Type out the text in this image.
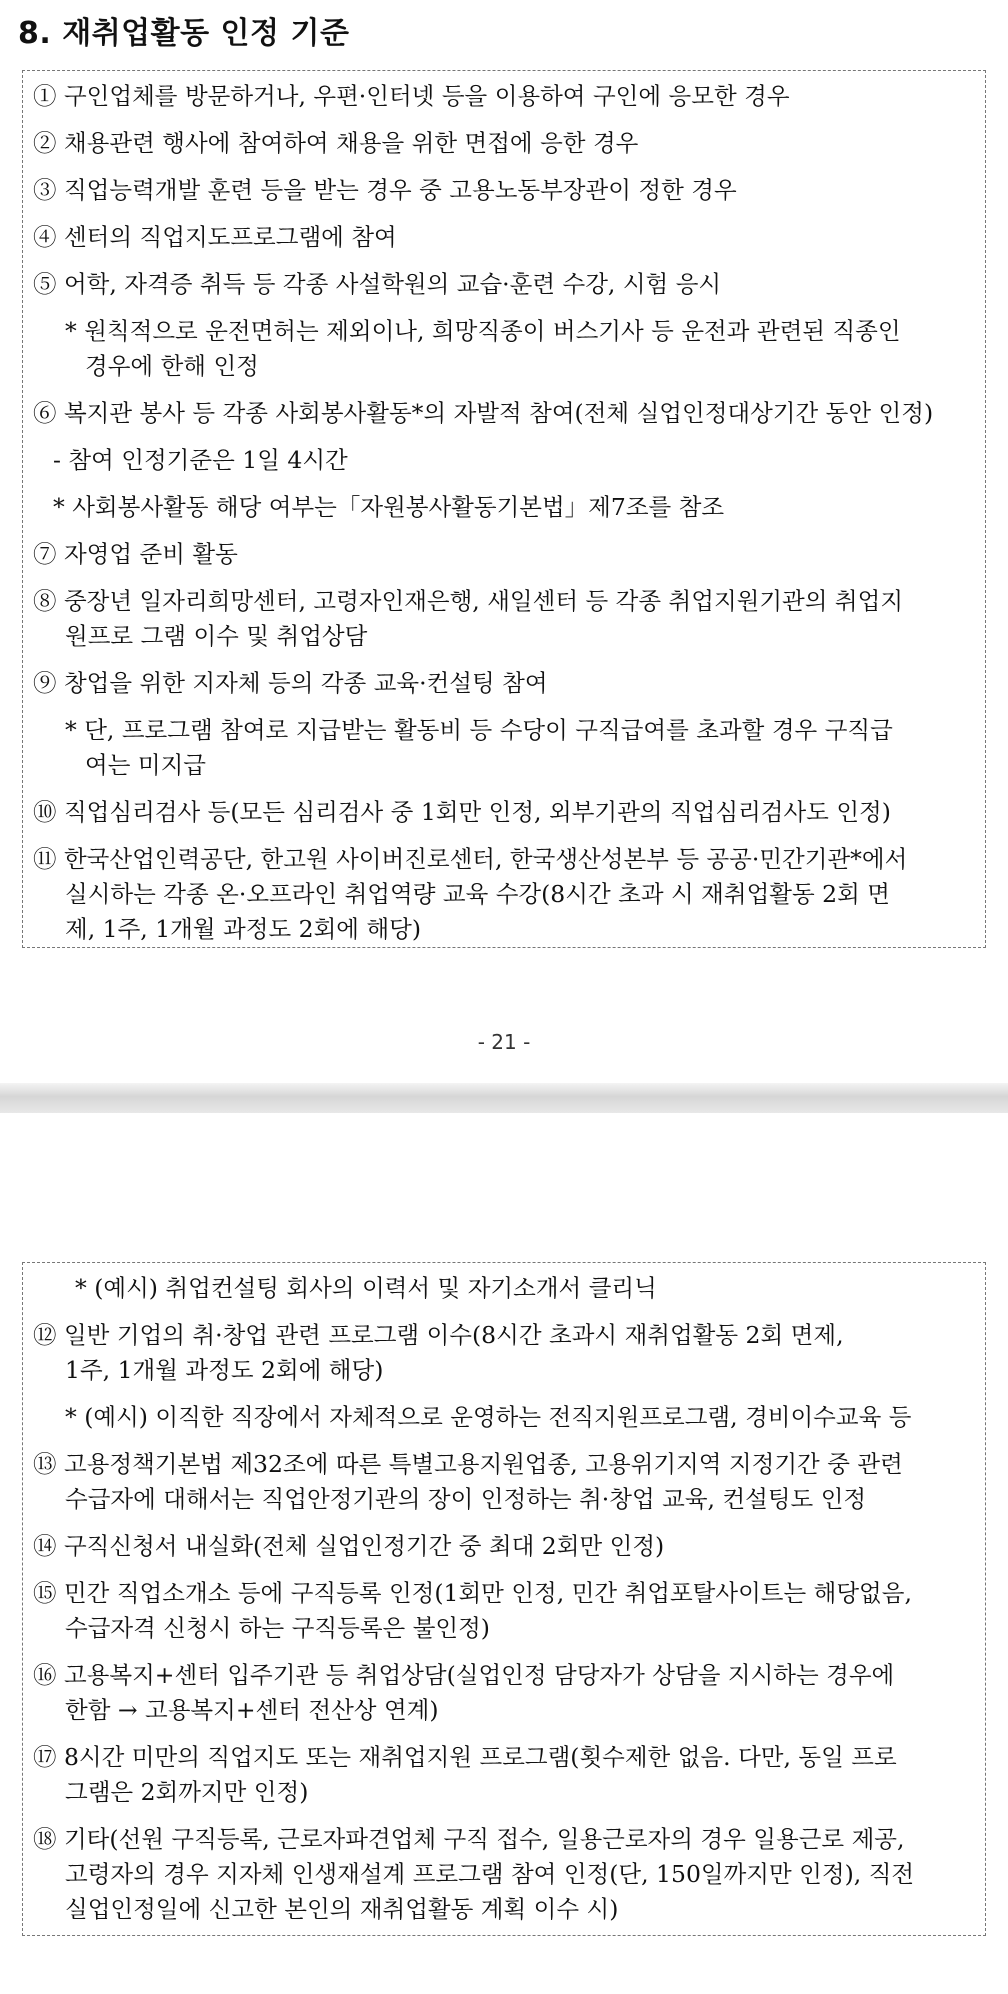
8. 재취업활동 인정 기준
① 구인업체를 방문하거나, 우편·인터넷 등을 이용하여 구인에 응모한 경우
② 채용관련 행사에 참여하여 채용을 위한 면접에 응한 경우
③ 직업능력개발 훈련 등을 받는 경우 중 고용노동부장관이 정한 경우
④ 센터의 직업지도프로그램에 참여
⑤ 어학, 자격증 취득 등 각종 사설학원의 교습·훈련 수강, 시험 응시
* 원칙적으로 운전면허는 제외이나, 희망직종이 버스기사 등 운전과 관련된 직종인
경우에 한해 인정
⑥ 복지관 봉사 등 각종 사회봉사활동*의 자발적 참여(전체 실업인정대상기간 동안 인정)
- 참여 인정기준은 1일 4시간
* 사회봉사활동 해당 여부는「자원봉사활동기본법」제7조를 참조
⑦ 자영업 준비 활동
⑧ 중장년 일자리희망센터, 고령자인재은행, 새일센터 등 각종 취업지원기관의 취업지
원프로 그램 이수 및 취업상담
⑨ 창업을 위한 지자체 등의 각종 교육·컨설팅 참여
* 단, 프로그램 참여로 지급받는 활동비 등 수당이 구직급여를 초과할 경우 구직급
여는 미지급
⑩ 직업심리검사 등(모든 심리검사 중 1회만 인정, 외부기관의 직업심리검사도 인정)
⑪ 한국산업인력공단, 한고원 사이버진로센터, 한국생산성본부 등 공공·민간기관*에서
실시하는 각종 온·오프라인 취업역량 교육 수강(8시간 초과 시 재취업활동 2회 면
제, 1주, 1개월 과정도 2회에 해당)
- 21 -
* (예시) 취업컨설팅 회사의 이력서 및 자기소개서 클리닉
⑫ 일반 기업의 취·창업 관련 프로그램 이수(8시간 초과시 재취업활동 2회 면제,
1주, 1개월 과정도 2회에 해당)
* (예시) 이직한 직장에서 자체적으로 운영하는 전직지원프로그램, 경비이수교육 등
⑬ 고용정책기본법 제32조에 따른 특별고용지원업종, 고용위기지역 지정기간 중 관련
수급자에 대해서는 직업안정기관의 장이 인정하는 취·창업 교육, 컨설팅도 인정
⑭ 구직신청서 내실화(전체 실업인정기간 중 최대 2회만 인정)
⑮ 민간 직업소개소 등에 구직등록 인정(1회만 인정, 민간 취업포탈사이트는 해당없음,
수급자격 신청시 하는 구직등록은 불인정)
⑯ 고용복지+센터 입주기관 등 취업상담(실업인정 담당자가 상담을 지시하는 경우에
한함 → 고용복지+센터 전산상 연계)
⑰ 8시간 미만의 직업지도 또는 재취업지원 프로그램(횟수제한 없음. 다만, 동일 프로
그램은 2회까지만 인정)
⑱ 기타(선원 구직등록, 근로자파견업체 구직 접수, 일용근로자의 경우 일용근로 제공,
고령자의 경우 지자체 인생재설계 프로그램 참여 인정(단, 150일까지만 인정), 직전
실업인정일에 신고한 본인의 재취업활동 계획 이수 시)
